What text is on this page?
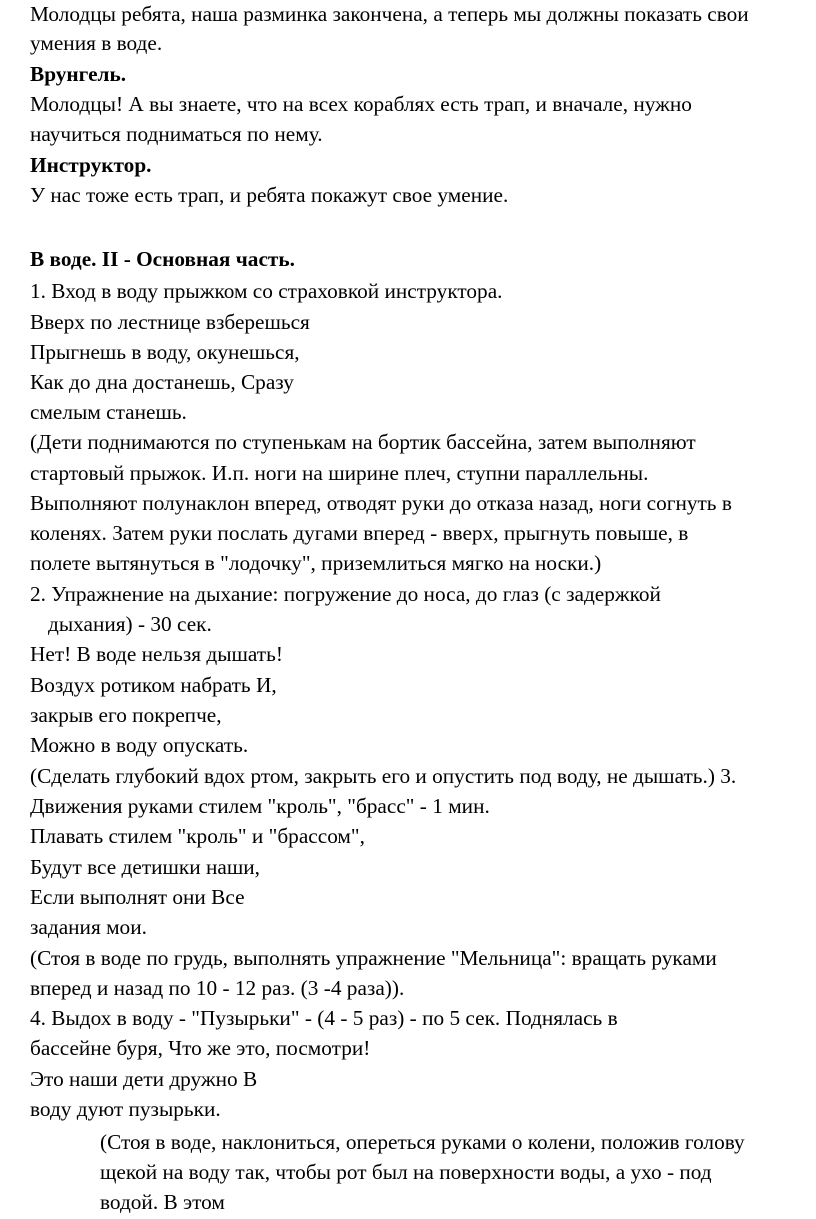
Молодцы ребята, наша разминка закончена, а теперь мы должны показать свои
умения в воде.
Врунгель.
Молодцы! А вы знаете, что на всех кораблях есть трап, и вначале, нужно
научиться подниматься по нему.
Инструктор.
У нас тоже есть трап, и ребята покажут свое умение.
В воде. II - Основная часть.
1. Вход в воду прыжком со страховкой инструктора.
Вверх по лестнице взберешься
Прыгнешь в воду, окунешься,
Как до дна достанешь, Сразу
смелым станешь.
(Дети поднимаются по ступенькам на бортик бассейна, затем выполняют
стартовый прыжок. И.п. ноги на ширине плеч, ступни параллельны.
Выполняют полунаклон вперед, отводят руки до отказа назад, ноги согнуть в
коленях. Затем руки послать дугами вперед - вверх, прыгнуть повыше, в
полете вытянуться в "лодочку", приземлиться мягко на носки.)
2. Упражнение на дыхание: погружение до носа, до глаз (с задержкой
дыхания) - 30 сек.
Нет! В воде нельзя дышать!
Воздух ротиком набрать И,
закрыв его покрепче,
Можно в воду опускать.
(Сделать глубокий вдох ртом, закрыть его и опустить под воду, не дышать.) 3.
Движения руками стилем "кроль", "брасс" - 1 мин.
Плавать стилем "кроль" и "брассом",
Будут все детишки наши,
Если выполнят они Все
задания мои.
(Стоя в воде по грудь, выполнять упражнение "Мельница": вращать руками
вперед и назад по 10 - 12 раз. (3 -4 раза)).
4. Выдох в воду - "Пузырьки" - (4 - 5 раз) - по 5 сек. Поднялась в
бассейне буря, Что же это, посмотри!
Это наши дети дружно В
воду дуют пузырьки.
(Стоя в воде, наклониться, опереться руками о колени, положив голову
щекой на воду так, чтобы рот был на поверхности воды, а ухо - под
водой. В этом
